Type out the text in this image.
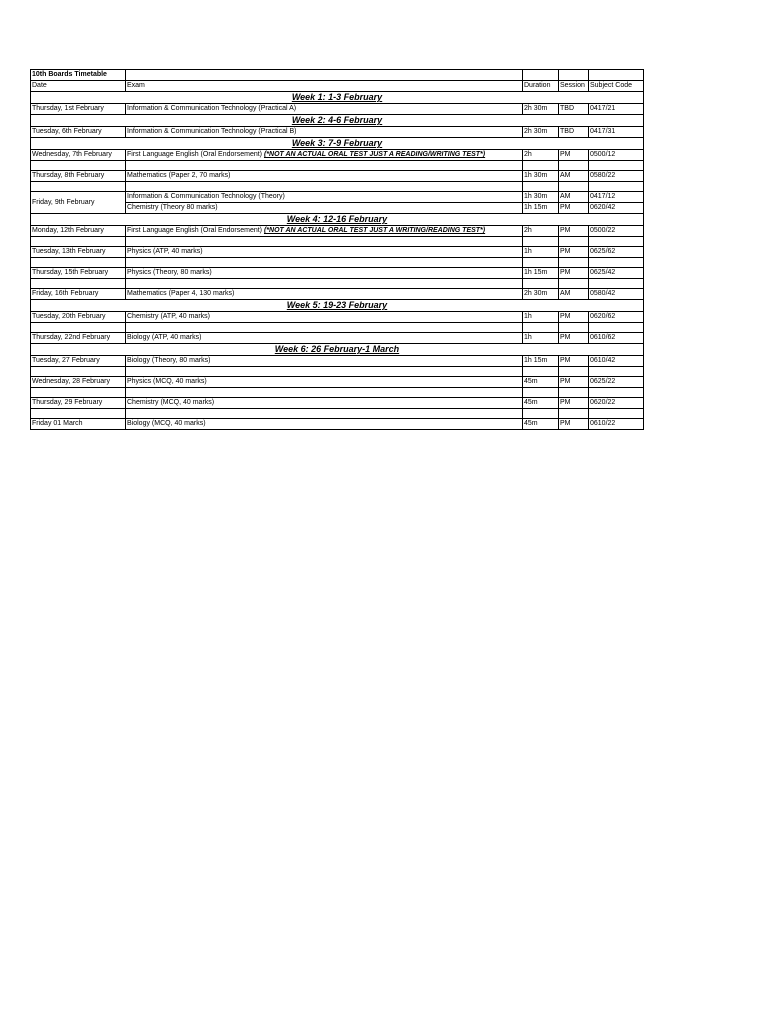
10th Boards Timetable				
Date	Exam	Duration	Session	Subject Code
Week 1: 1-3 February				
Thursday, 1st February	Information & Communication Technology (Practical A)	2h 30m	TBD	0417/21
Week 2: 4-6 February				
Tuesday, 6th February	Information & Communication Technology (Practical B)	2h 30m	TBD	0417/31
Week 3: 7-9 February				
Wednesday, 7th February	First Language English (Oral Endorsement) (*NOT AN ACTUAL ORAL TEST JUST A READING/WRITING TEST*)	2h	PM	0500/12

Thursday, 8th February	Mathematics (Paper 2, 70 marks)	1h 30m	AM	0580/22

Friday, 9th February	Information & Communication Technology (Theory)	1h 30m	AM	0417/12
	Chemistry (Theory 80 marks)	1h 15m	PM	0620/42
Week 4: 12-16 February				
Monday, 12th February	First Language English (Oral Endorsement) (*NOT AN ACTUAL ORAL TEST JUST A WRITING/READING TEST*)	2h	PM	0500/22

Tuesday, 13th February	Physics (ATP, 40 marks)	1h	PM	0625/62

Thursday, 15th February	Physics (Theory, 80 marks)	1h 15m	PM	0625/42

Friday, 16th February	Mathematics (Paper 4, 130 marks)	2h 30m	AM	0580/42
Week 5: 19-23 February				
Tuesday, 20th February	Chemistry (ATP, 40 marks)	1h	PM	0620/62

Thursday, 22nd February	Biology (ATP, 40 marks)	1h	PM	0610/62
Week 6: 26 February-1 March				
Tuesday, 27 February	Biology (Theory, 80 marks)	1h 15m	PM	0610/42

Wednesday, 28 February	Physics (MCQ, 40 marks)	45m	PM	0625/22

Thursday, 29 February	Chemistry (MCQ, 40 marks)	45m	PM	0620/22

Friday 01 March	Biology (MCQ, 40 marks)	45m	PM	0610/22
